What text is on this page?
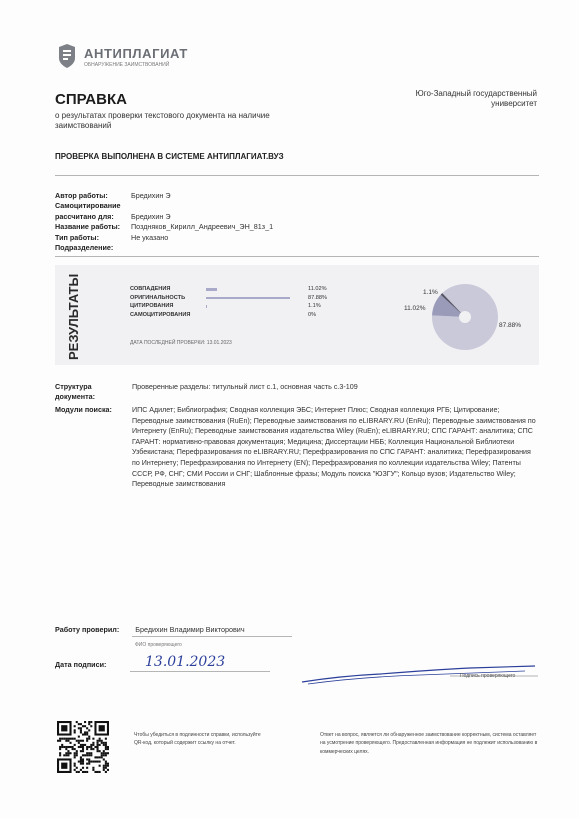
АНТИПЛАГИАТ
ОБНАРУЖЕНИЕ ЗАИМСТВОВАНИЙ
СПРАВКА
о результатах проверки текстового документа на наличие заимствований
Юго-Западный государственный университет
ПРОВЕРКА ВЫПОЛНЕНА В СИСТЕМЕ АНТИПЛАГИАТ.ВУЗ
Автор работы:	Бредихин Э
Самоцитирование
рассчитано для:	Бредихин Э
Название работы:	Поздняков_Кирилл_Андреевич_ЭН_81з_1
Тип работы:	Не указано
Подразделение:
РЕЗУЛЬТАТЫ	СОВПАДЕНИЯ	11.02%
ОРИГИНАЛЬНОСТЬ	87.88%
ЦИТИРОВАНИЯ	1.1%
САМОЦИТИРОВАНИЯ	0%
ДАТА ПОСЛЕДНЕЙ ПРОВЕРКИ: 13.01.2023
1.1%
11.02%
87.88%
Структура документа:
Проверенные разделы: титульный лист с.1, основная часть с.3-109
Модули поиска:	ИПС Адилет; Библиография; Сводная коллекция ЭБС; Интернет Плюс; Сводная коллекция РГБ; Цитирование; Переводные заимствования (RuEn); Переводные заимствования по eLIBRARY.RU (EnRu); Переводные заимствования по Интернету (EnRu); Переводные заимствования издательства Wiley (RuEn); eLIBRARY.RU; СПС ГАРАНТ: аналитика; СПС ГАРАНТ: нормативно-правовая документация; Медицина; Диссертации НББ; Коллекция Национальной Библиотеки Узбекистана; Перефразирования по eLIBRARY.RU; Перефразирования по СПС ГАРАНТ: аналитика; Перефразирования по Интернету; Перефразирования по Интернету (EN); Перефразирования по коллекции издательства Wiley; Патенты СССР, РФ, СНГ; СМИ России и СНГ; Шаблонные фразы; Модуль поиска "ЮЗГУ"; Кольцо вузов; Издательство Wiley; Переводные заимствования
Работу проверил: Бредихин Владимир Викторович
ФИО проверяющего
Дата подписи:	13.01.2023
Подпись проверяющего
Чтобы убедиться в подлинности справки, используйте QR-код, который содержит ссылку на отчет.
Ответ на вопрос, является ли обнаруженное заимствование корректным, система оставляет на усмотрение проверяющего. Предоставленная информация не подлежит использованию в коммерческих целях.
